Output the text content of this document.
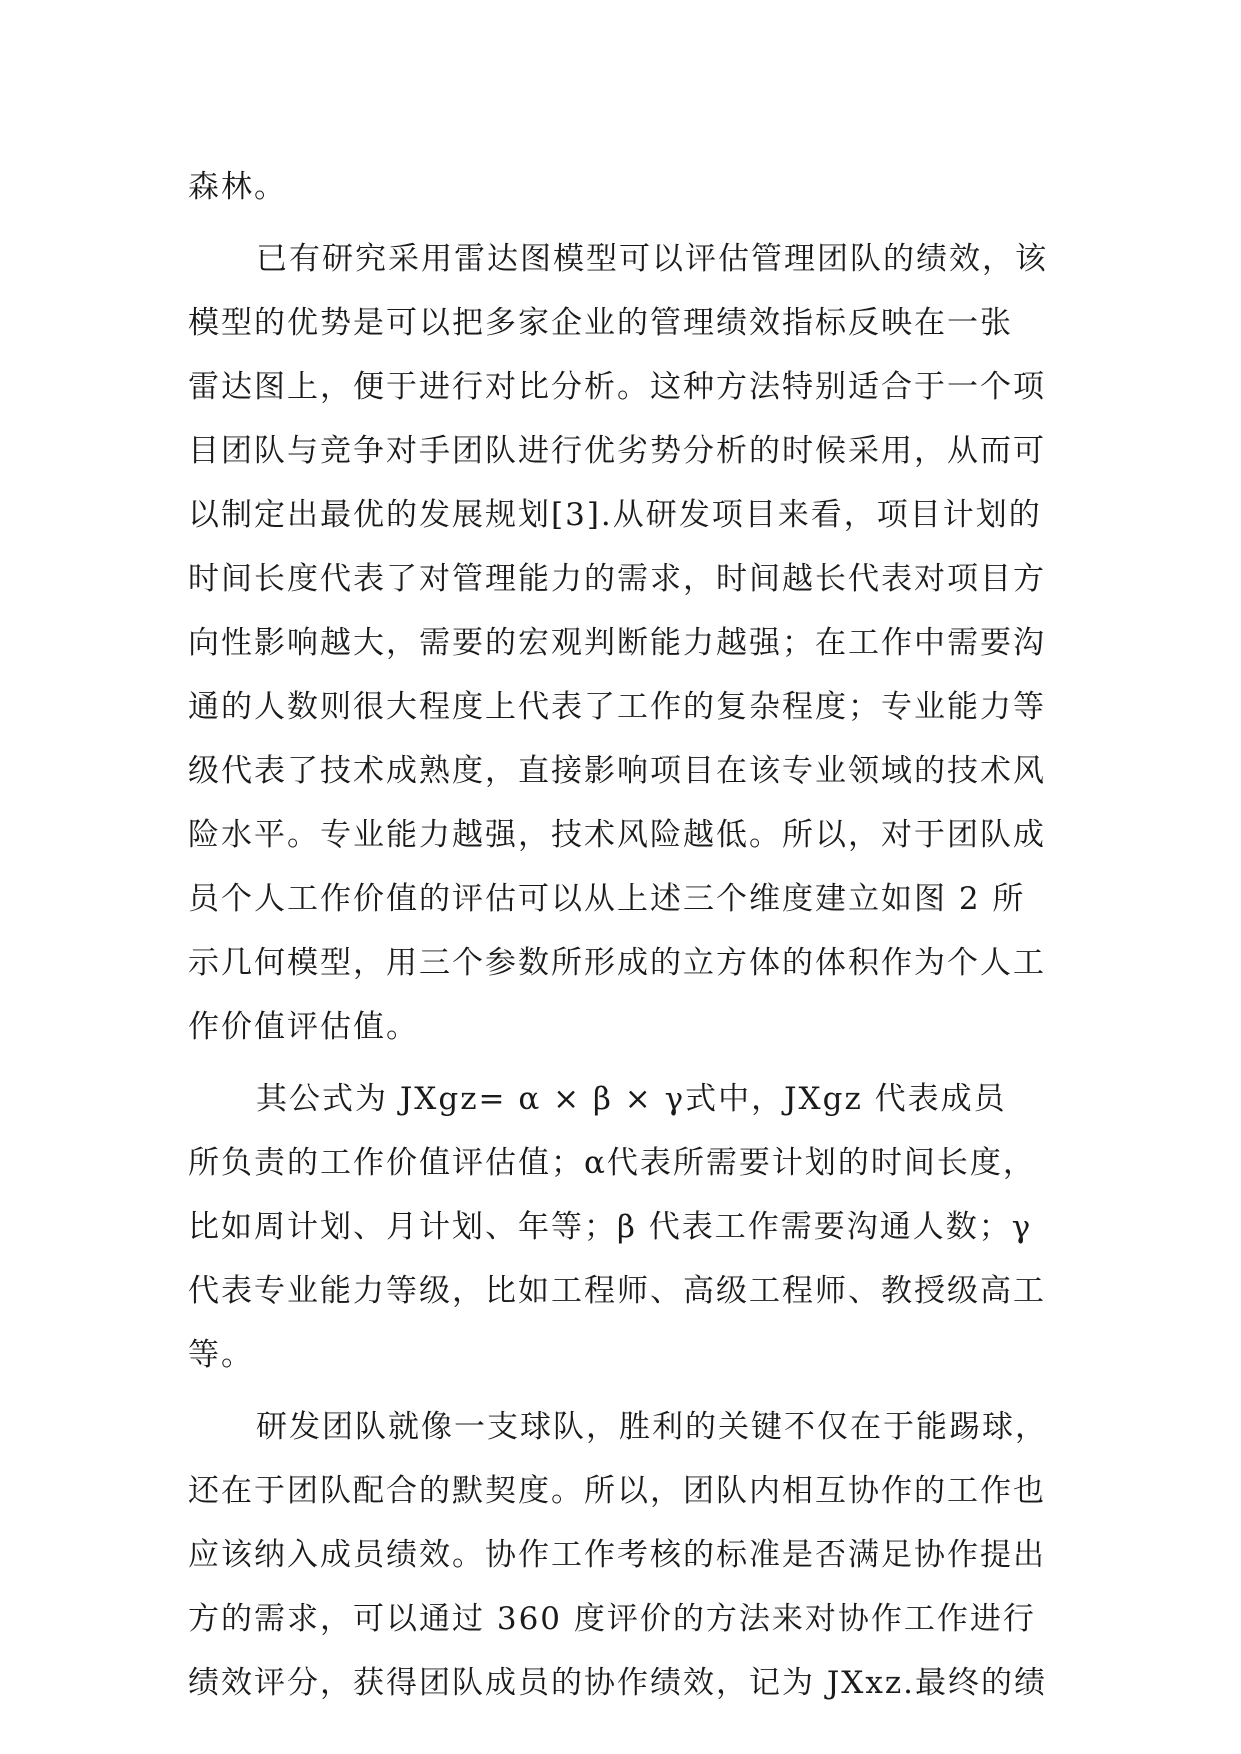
森林。
已有研究采用雷达图模型可以评估管理团队的绩效，该
模型的优势是可以把多家企业的管理绩效指标反映在一张
雷达图上，便于进行对比分析。这种方法特别适合于一个项
目团队与竞争对手团队进行优劣势分析的时候采用，从而可
以制定出最优的发展规划[3].从研发项目来看，项目计划的
时间长度代表了对管理能力的需求，时间越长代表对项目方
向性影响越大，需要的宏观判断能力越强；在工作中需要沟
通的人数则很大程度上代表了工作的复杂程度；专业能力等
级代表了技术成熟度，直接影响项目在该专业领域的技术风
险水平。专业能力越强，技术风险越低。所以，对于团队成
员个人工作价值的评估可以从上述三个维度建立如图 2 所
示几何模型，用三个参数所形成的立方体的体积作为个人工
作价值评估值。
其公式为 JXgz= α × β × γ式中，JXgz 代表成员
所负责的工作价值评估值；α代表所需要计划的时间长度，
比如周计划、月计划、年等；β 代表工作需要沟通人数；γ
代表专业能力等级，比如工程师、高级工程师、教授级高工
等。
研发团队就像一支球队，胜利的关键不仅在于能踢球，
还在于团队配合的默契度。所以，团队内相互协作的工作也
应该纳入成员绩效。协作工作考核的标准是否满足协作提出
方的需求，可以通过 360 度评价的方法来对协作工作进行
绩效评分，获得团队成员的协作绩效，记为 JXxz.最终的绩
